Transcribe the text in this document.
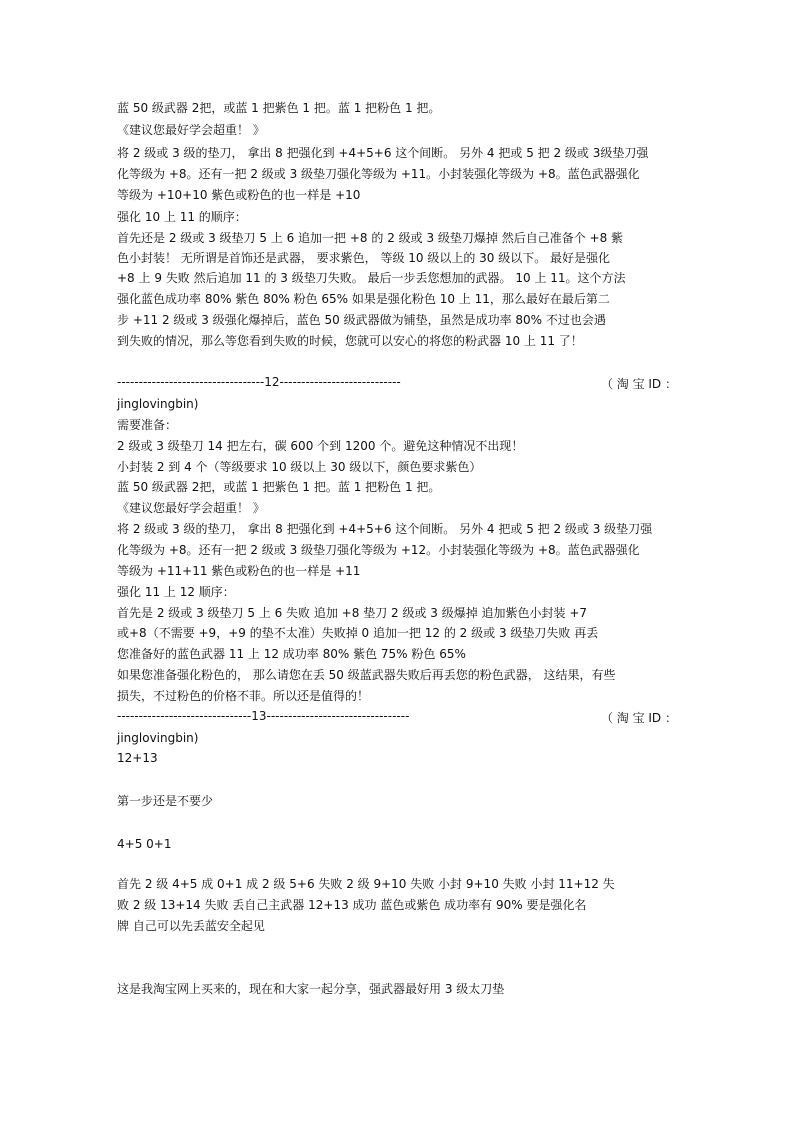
蓝 50 级武器 2把，或蓝 1 把紫色 1 把。蓝 1 把粉色 1 把。
《建议您最好学会超重！ 》
将 2 级或 3 级的垫刀， 拿出 8 把强化到 +4+5+6 这个间断。 另外 4 把或 5 把 2 级或 3级垫刀强
化等级为 +8。还有一把 2 级或 3 级垫刀强化等级为 +11。小封装强化等级为 +8。蓝色武器强化
等级为 +10+10 紫色或粉色的也一样是 +10
强化 10 上 11 的顺序：
首先还是 2 级或 3 级垫刀 5 上 6 追加一把 +8 的 2 级或 3 级垫刀爆掉 然后自己准备个 +8 紫
色小封装！ 无所谓是首饰还是武器， 要求紫色， 等级 10 级以上的 30 级以下。 最好是强化
+8 上 9 失败 然后追加 11 的 3 级垫刀失败。 最后一步丢您想加的武器。 10 上 11。这个方法
强化蓝色成功率 80% 紫色 80% 粉色 65% 如果是强化粉色 10 上 11，那么最好在最后第二
步 +11 2 级或 3 级强化爆掉后，蓝色 50 级武器做为铺垫，虽然是成功率 80% 不过也会遇
到失败的情况，那么等您看到失败的时候，您就可以安心的将您的粉武器 10 上 11 了！
----------------------------------12----------------------------	（ 淘 宝 ID ：
jinglovingbin)
需要准备：
2 级或 3 级垫刀 14 把左右，碳 600 个到 1200 个。避免这种情况不出现！
小封装 2 到 4 个（等级要求 10 级以上 30 级以下，颜色要求紫色）
蓝 50 级武器 2把，或蓝 1 把紫色 1 把。蓝 1 把粉色 1 把。
《建议您最好学会超重！ 》
将 2 级或 3 级的垫刀， 拿出 8 把强化到 +4+5+6 这个间断。 另外 4 把或 5 把 2 级或 3 级垫刀强
化等级为 +8。还有一把 2 级或 3 级垫刀强化等级为 +12。小封装强化等级为 +8。蓝色武器强化
等级为 +11+11 紫色或粉色的也一样是 +11
强化 11 上 12 顺序：
首先是 2 级或 3 级垫刀 5 上 6 失败 追加 +8 垫刀 2 级或 3 级爆掉 追加紫色小封装 +7
或+8（不需要 +9，+9 的垫不太准）失败掉 0 追加一把 12 的 2 级或 3 级垫刀失败 再丢
您准备好的蓝色武器 11 上 12 成功率 80% 紫色 75% 粉色 65%
如果您准备强化粉色的， 那么请您在丢 50 级蓝武器失败后再丢您的粉色武器， 这结果，有些
损失，不过粉色的价格不菲。所以还是值得的！
-------------------------------13---------------------------------	（ 淘 宝 ID ：
jinglovingbin)
12+13
第一步还是不要少
4+5 0+1
首先 2 级 4+5 成 0+1 成 2 级 5+6 失败 2 级 9+10 失败 小封 9+10 失败 小封 11+12 失
败 2 级 13+14 失败 丢自己主武器 12+13 成功 蓝色或紫色 成功率有 90% 要是强化名
牌 自己可以先丢蓝安全起见
这是我淘宝网上买来的，现在和大家一起分享，强武器最好用 3 级太刀垫
